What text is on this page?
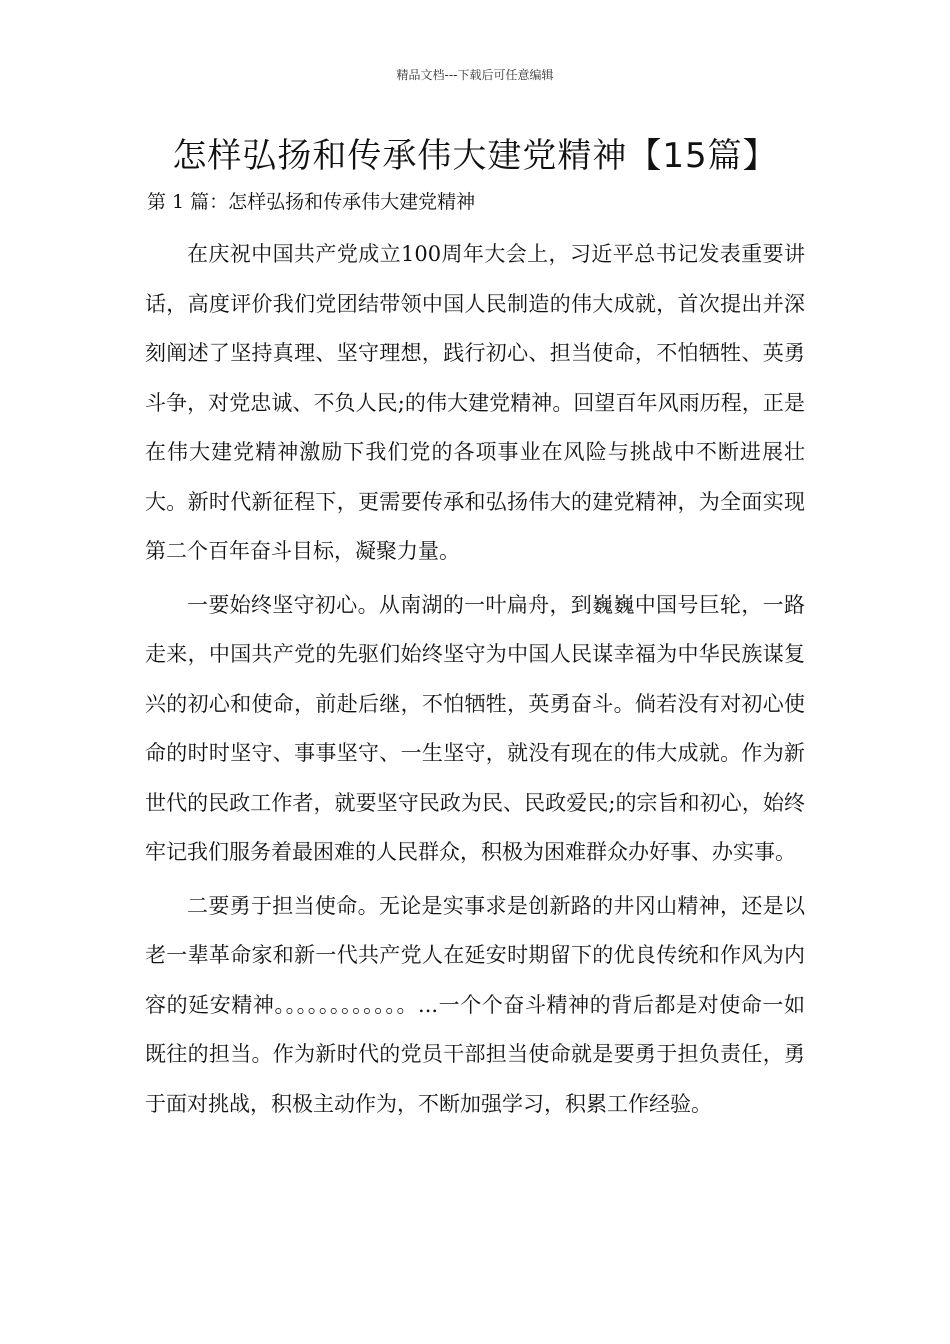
精品文档---下载后可任意编辑
怎样弘扬和传承伟大建党精神【15篇】
第 1 篇：怎样弘扬和传承伟大建党精神

在庆祝中国共产党成立100周年大会上，习近平总书记发表重要讲话，高度评价我们党团结带领中国人民制造的伟大成就，首次提出并深刻阐述了坚持真理、坚守理想，践行初心、担当使命，不怕牺牲、英勇斗争，对党忠诚、不负人民;的伟大建党精神。回望百年风雨历程，正是在伟大建党精神激励下我们党的各项事业在风险与挑战中不断进展壮大。新时代新征程下，更需要传承和弘扬伟大的建党精神，为全面实现第二个百年奋斗目标，凝聚力量。

一要始终坚守初心。从南湖的一叶扁舟，到巍巍中国号巨轮，一路走来，中国共产党的先驱们始终坚守为中国人民谋幸福为中华民族谋复兴的初心和使命，前赴后继，不怕牺牲，英勇奋斗。倘若没有对初心使命的时时坚守、事事坚守、一生坚守，就没有现在的伟大成就。作为新世代的民政工作者，就要坚守民政为民、民政爱民;的宗旨和初心，始终牢记我们服务着最困难的人民群众，积极为困难群众办好事、办实事。

二要勇于担当使命。无论是实事求是创新路的井冈山精神，还是以老一辈革命家和新一代共产党人在延安时期留下的优良传统和作风为内容的延安精神。。。。。。。。。。。。...一个个奋斗精神的背后都是对使命一如既往的担当。作为新时代的党员干部担当使命就是要勇于担负责任，勇于面对挑战，积极主动作为，不断加强学习，积累工作经验。
